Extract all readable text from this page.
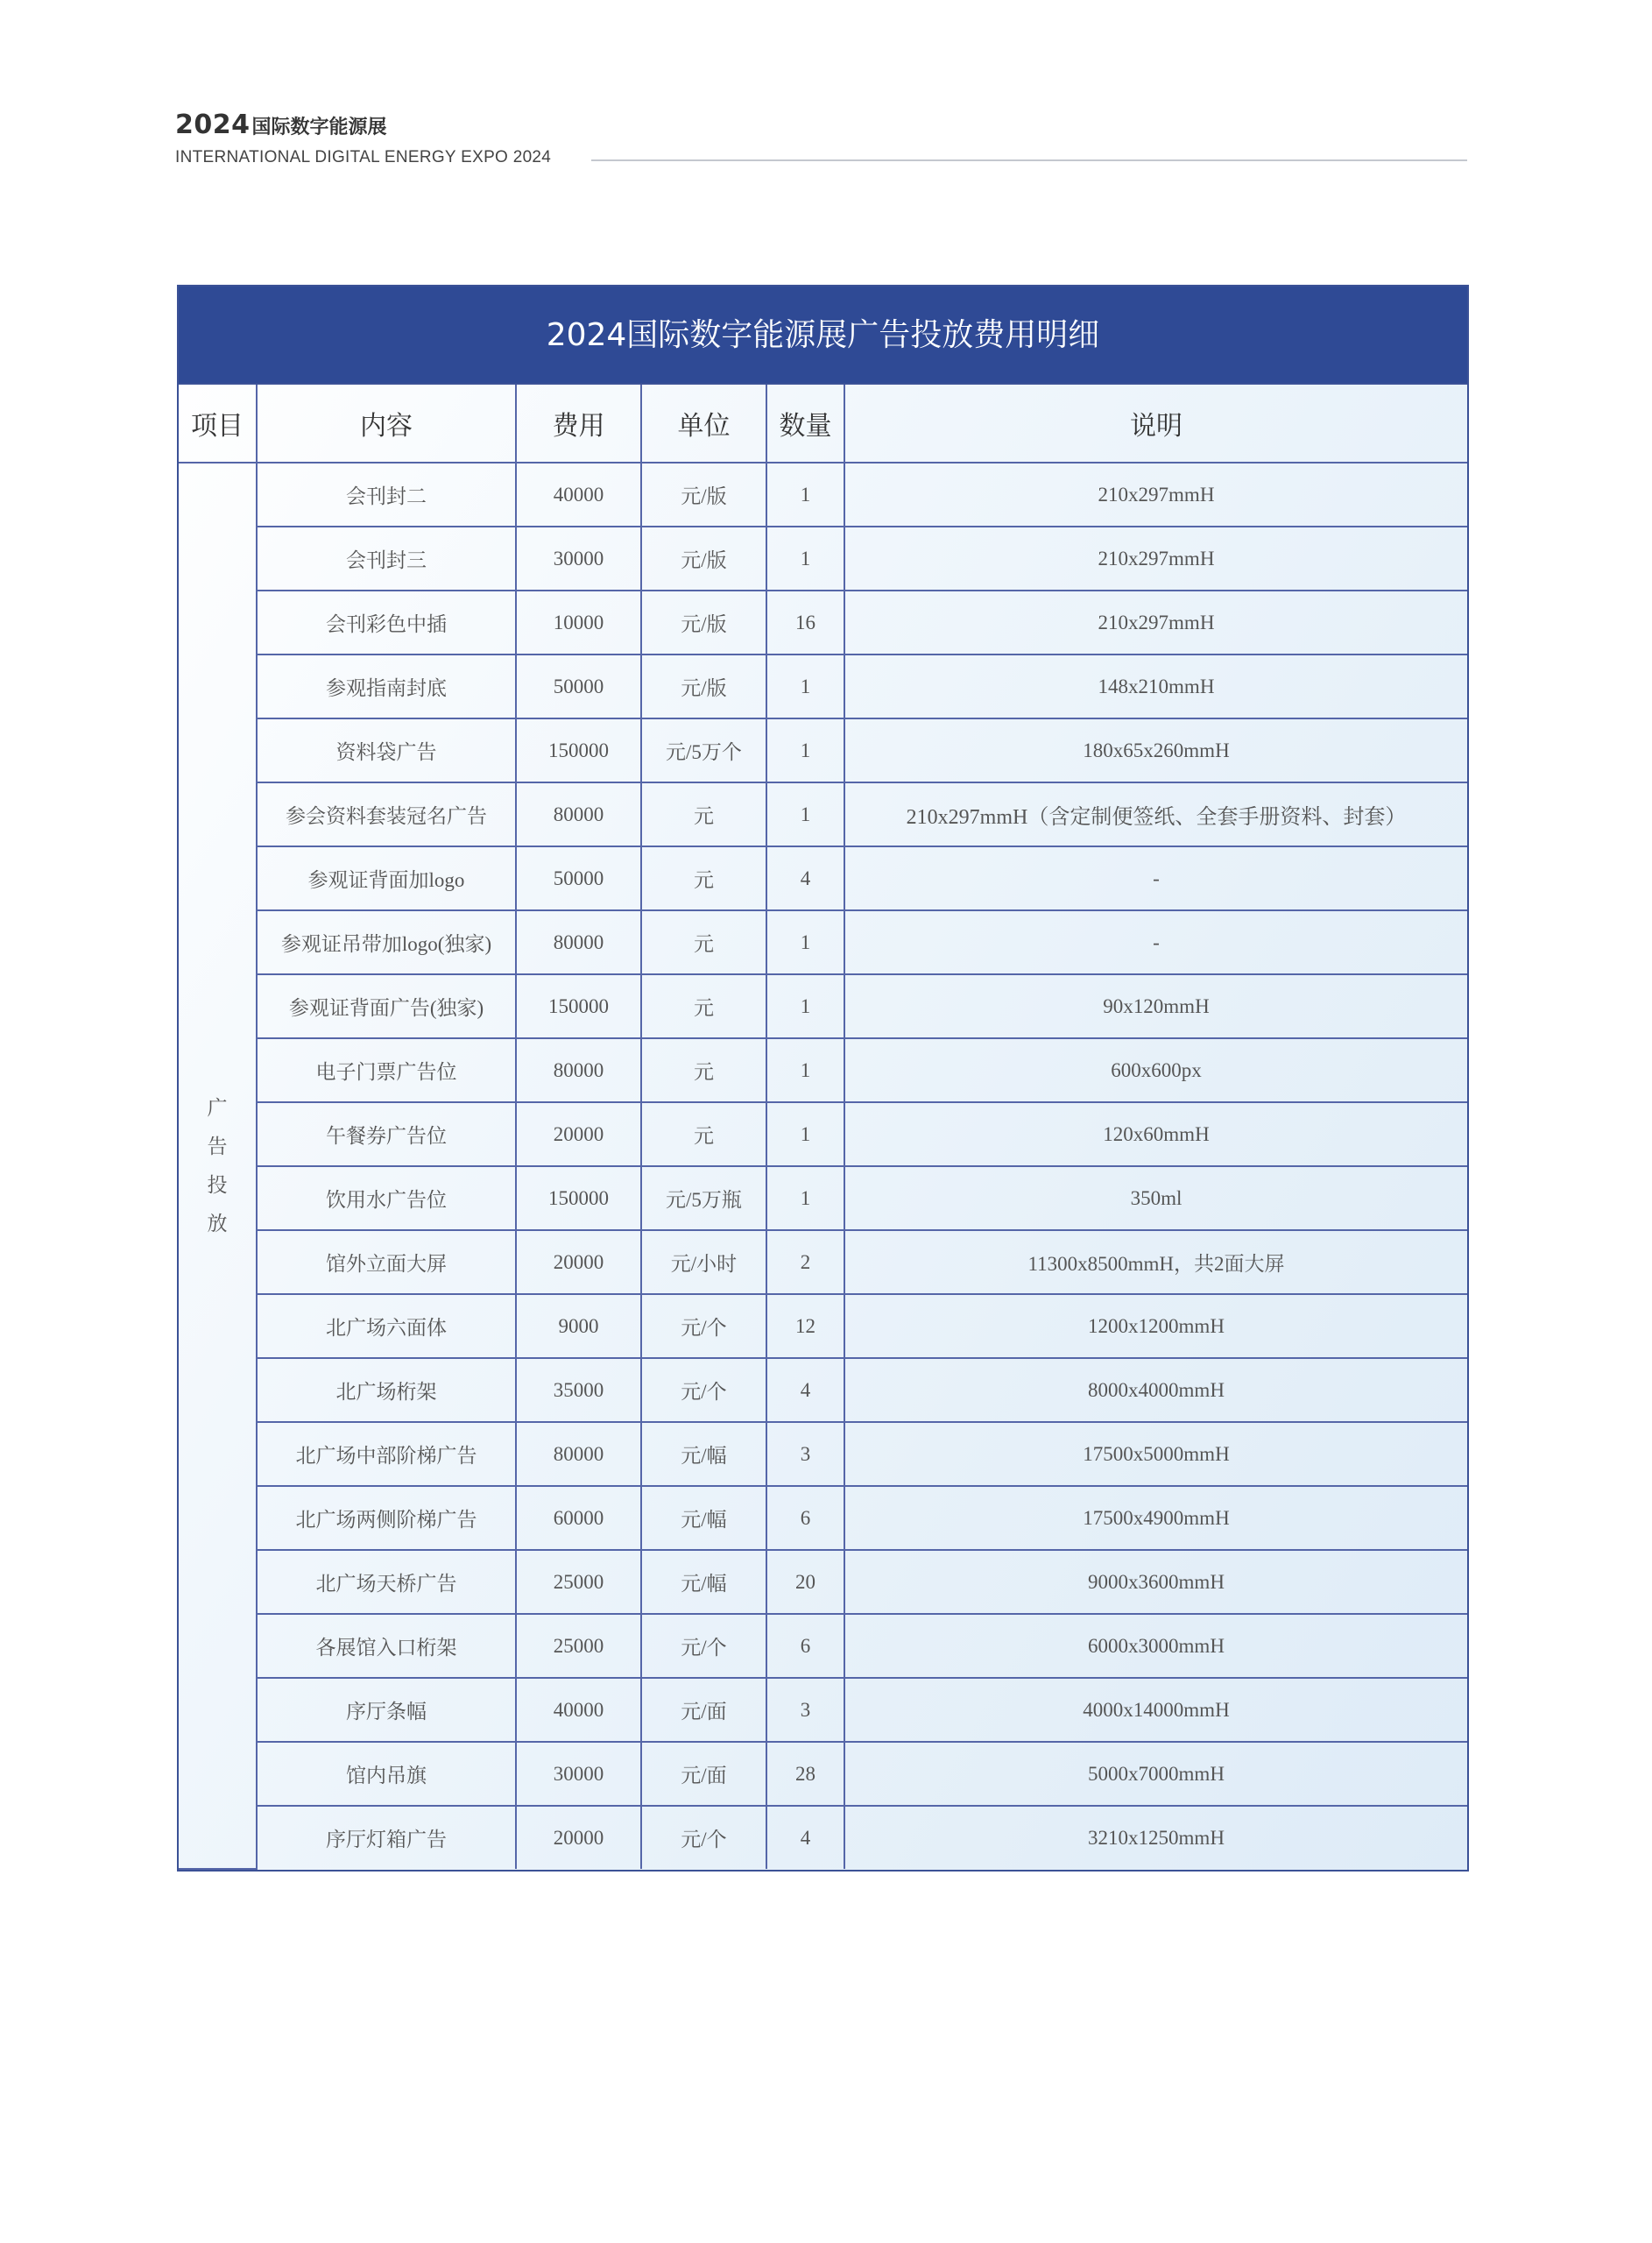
2024国际数字能源展
INTERNATIONAL DIGITAL ENERGY EXPO 2024
2024国际数字能源展广告投放费用明细
项目	内容	费用	单位	数量	说明

广
告
投
放	会刊封二	40000	元/版	1	210x297mmH
	会刊封三	30000	元/版	1	210x297mmH
	会刊彩色中插	10000	元/版	16	210x297mmH
	参观指南封底	50000	元/版	1	148x210mmH
	资料袋广告	150000	元/5万个	1	180x65x260mmH
	参会资料套装冠名广告	80000	元	1	210x297mmH（含定制便签纸、全套手册资料、封套）
	参观证背面加logo	50000	元	4	-
	参观证吊带加logo(独家)	80000	元	1	-
	参观证背面广告(独家)	150000	元	1	90x120mmH
	电子门票广告位	80000	元	1	600x600px
	午餐券广告位	20000	元	1	120x60mmH
	饮用水广告位	150000	元/5万瓶	1	350ml
	馆外立面大屏	20000	元/小时	2	11300x8500mmH，共2面大屏
	北广场六面体	9000	元/个	12	1200x1200mmH
	北广场桁架	35000	元/个	4	8000x4000mmH
	北广场中部阶梯广告	80000	元/幅	3	17500x5000mmH
	北广场两侧阶梯广告	60000	元/幅	6	17500x4900mmH
	北广场天桥广告	25000	元/幅	20	9000x3600mmH
	各展馆入口桁架	25000	元/个	6	6000x3000mmH
	序厅条幅	40000	元/面	3	4000x14000mmH
	馆内吊旗	30000	元/面	28	5000x7000mmH
	序厅灯箱广告	20000	元/个	4	3210x1250mmH
